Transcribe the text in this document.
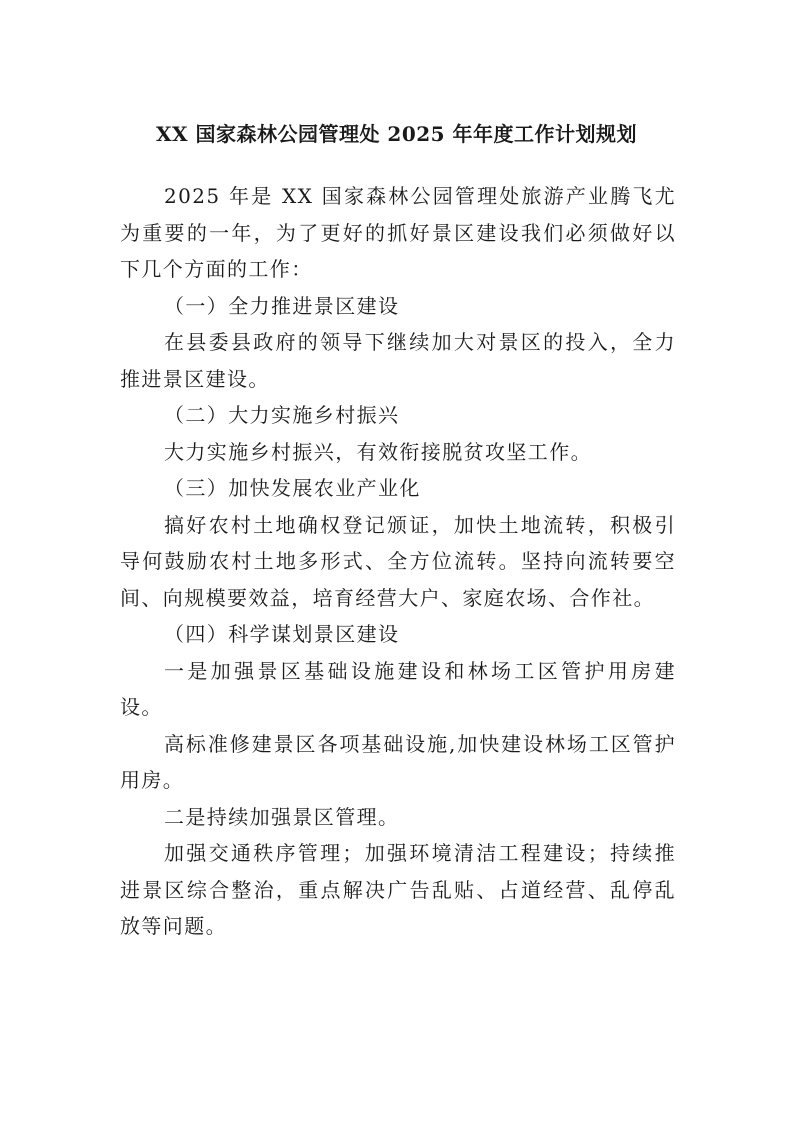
XX 国家森林公园管理处 2025 年年度工作计划规划

2025 年是 XX 国家森林公园管理处旅游产业腾飞尤为重要的一年，为了更好的抓好景区建设我们必须做好以下几个方面的工作：

（一）全力推进景区建设

在县委县政府的领导下继续加大对景区的投入，全力推进景区建设。

（二）大力实施乡村振兴

大力实施乡村振兴，有效衔接脱贫攻坚工作。

（三）加快发展农业产业化

搞好农村土地确权登记颁证，加快土地流转，积极引导何鼓励农村土地多形式、全方位流转。坚持向流转要空间、向规模要效益，培育经营大户、家庭农场、合作社。

（四）科学谋划景区建设

一是加强景区基础设施建设和林场工区管护用房建设。

高标准修建景区各项基础设施,加快建设林场工区管护用房。

二是持续加强景区管理。

加强交通秩序管理；加强环境清洁工程建设；持续推进景区综合整治，重点解决广告乱贴、占道经营、乱停乱放等问题。
